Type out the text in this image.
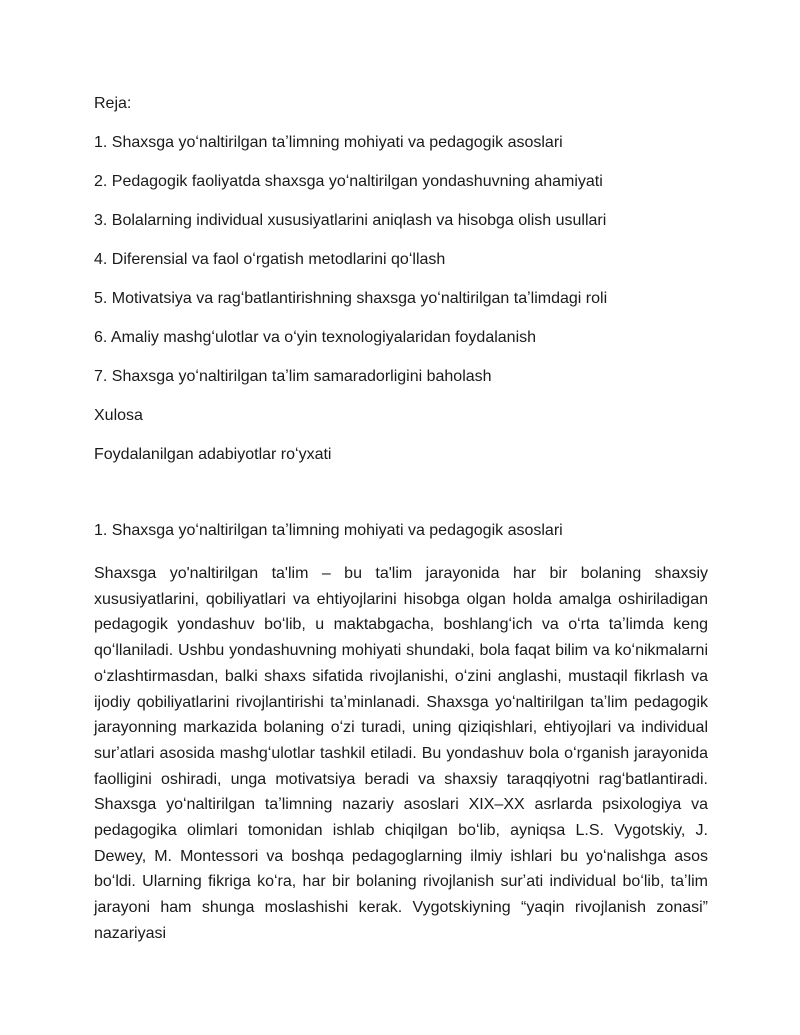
Reja:
1. Shaxsga yoʻnaltirilgan taʼlimning mohiyati va pedagogik asoslari
2. Pedagogik faoliyatda shaxsga yoʻnaltirilgan yondashuvning ahamiyati
3. Bolalarning individual xususiyatlarini aniqlash va hisobga olish usullari
4. Diferensial va faol oʻrgatish metodlarini qoʻllash
5. Motivatsiya va ragʻbatlantirishning shaxsga yoʻnaltirilgan taʼlimdagi roli
6. Amaliy mashgʻulotlar va oʻyin texnologiyalaridan foydalanish
7. Shaxsga yoʻnaltirilgan taʼlim samaradorligini baholash
Xulosa
Foydalanilgan adabiyotlar roʻyxati
1. Shaxsga yoʻnaltirilgan taʼlimning mohiyati va pedagogik asoslari

Shaxsga yo'naltirilgan ta'lim – bu ta'lim jarayonida har bir bolaning shaxsiy xususiyatlarini, qobiliyatlari va ehtiyojlarini hisobga olgan holda amalga oshiriladigan pedagogik yondashuv boʻlib, u maktabgacha, boshlangʻich va oʻrta taʼlimda keng qoʻllaniladi. Ushbu yondashuvning mohiyati shundaki, bola faqat bilim va koʻnikmalarni oʻzlashtirmasdan, balki shaxs sifatida rivojlanishi, oʻzini anglashi, mustaqil fikrlash va ijodiy qobiliyatlarini rivojlantirishi taʼminlanadi. Shaxsga yoʻnaltirilgan taʼlim pedagogik jarayonning markazida bolaning oʻzi turadi, uning qiziqishlari, ehtiyojlari va individual surʼatlari asosida mashgʻulotlar tashkil etiladi. Bu yondashuv bola oʻrganish jarayonida faolligini oshiradi, unga motivatsiya beradi va shaxsiy taraqqiyotni ragʻbatlantiradi. Shaxsga yoʻnaltirilgan taʼlimning nazariy asoslari XIX–XX asrlarda psixologiya va pedagogika olimlari tomonidan ishlab chiqilgan boʻlib, ayniqsa L.S. Vygotskiy, J. Dewey, M. Montessori va boshqa pedagoglarning ilmiy ishlari bu yoʻnalishga asos boʻldi. Ularning fikriga koʻra, har bir bolaning rivojlanish surʼati individual boʻlib, taʼlim jarayoni ham shunga moslashishi kerak. Vygotskiyning “yaqin rivojlanish zonasi” nazariyasi
